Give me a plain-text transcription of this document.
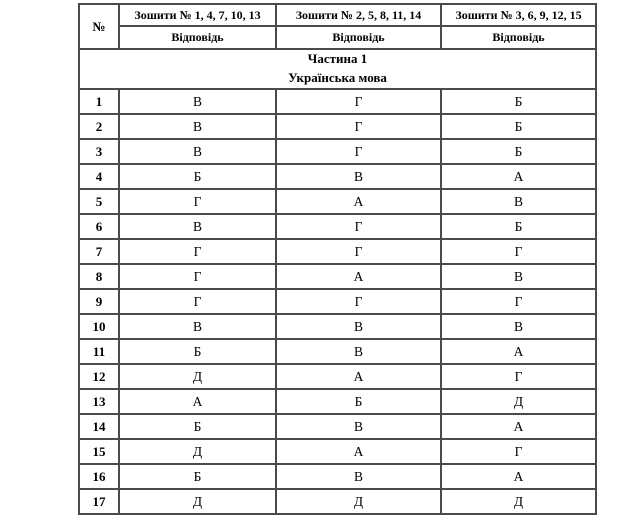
№	Зошити № 1, 4, 7, 10, 13	Зошити № 2, 5, 8, 11, 14	Зошити № 3, 6, 9, 12, 15
	Відповідь	Відповідь	Відповідь

Частина 1
Українська мова			

1	В	Г	Б
2	В	Г	Б
3	В	Г	Б
4	Б	В	А
5	Г	А	В
6	В	Г	Б
7	Г	Г	Г
8	Г	А	В
9	Г	Г	Г
10	В	В	В
11	Б	В	А
12	Д	А	Г
13	А	Б	Д
14	Б	В	А
15	Д	А	Г
16	Б	В	А
17	Д	Д	Д
